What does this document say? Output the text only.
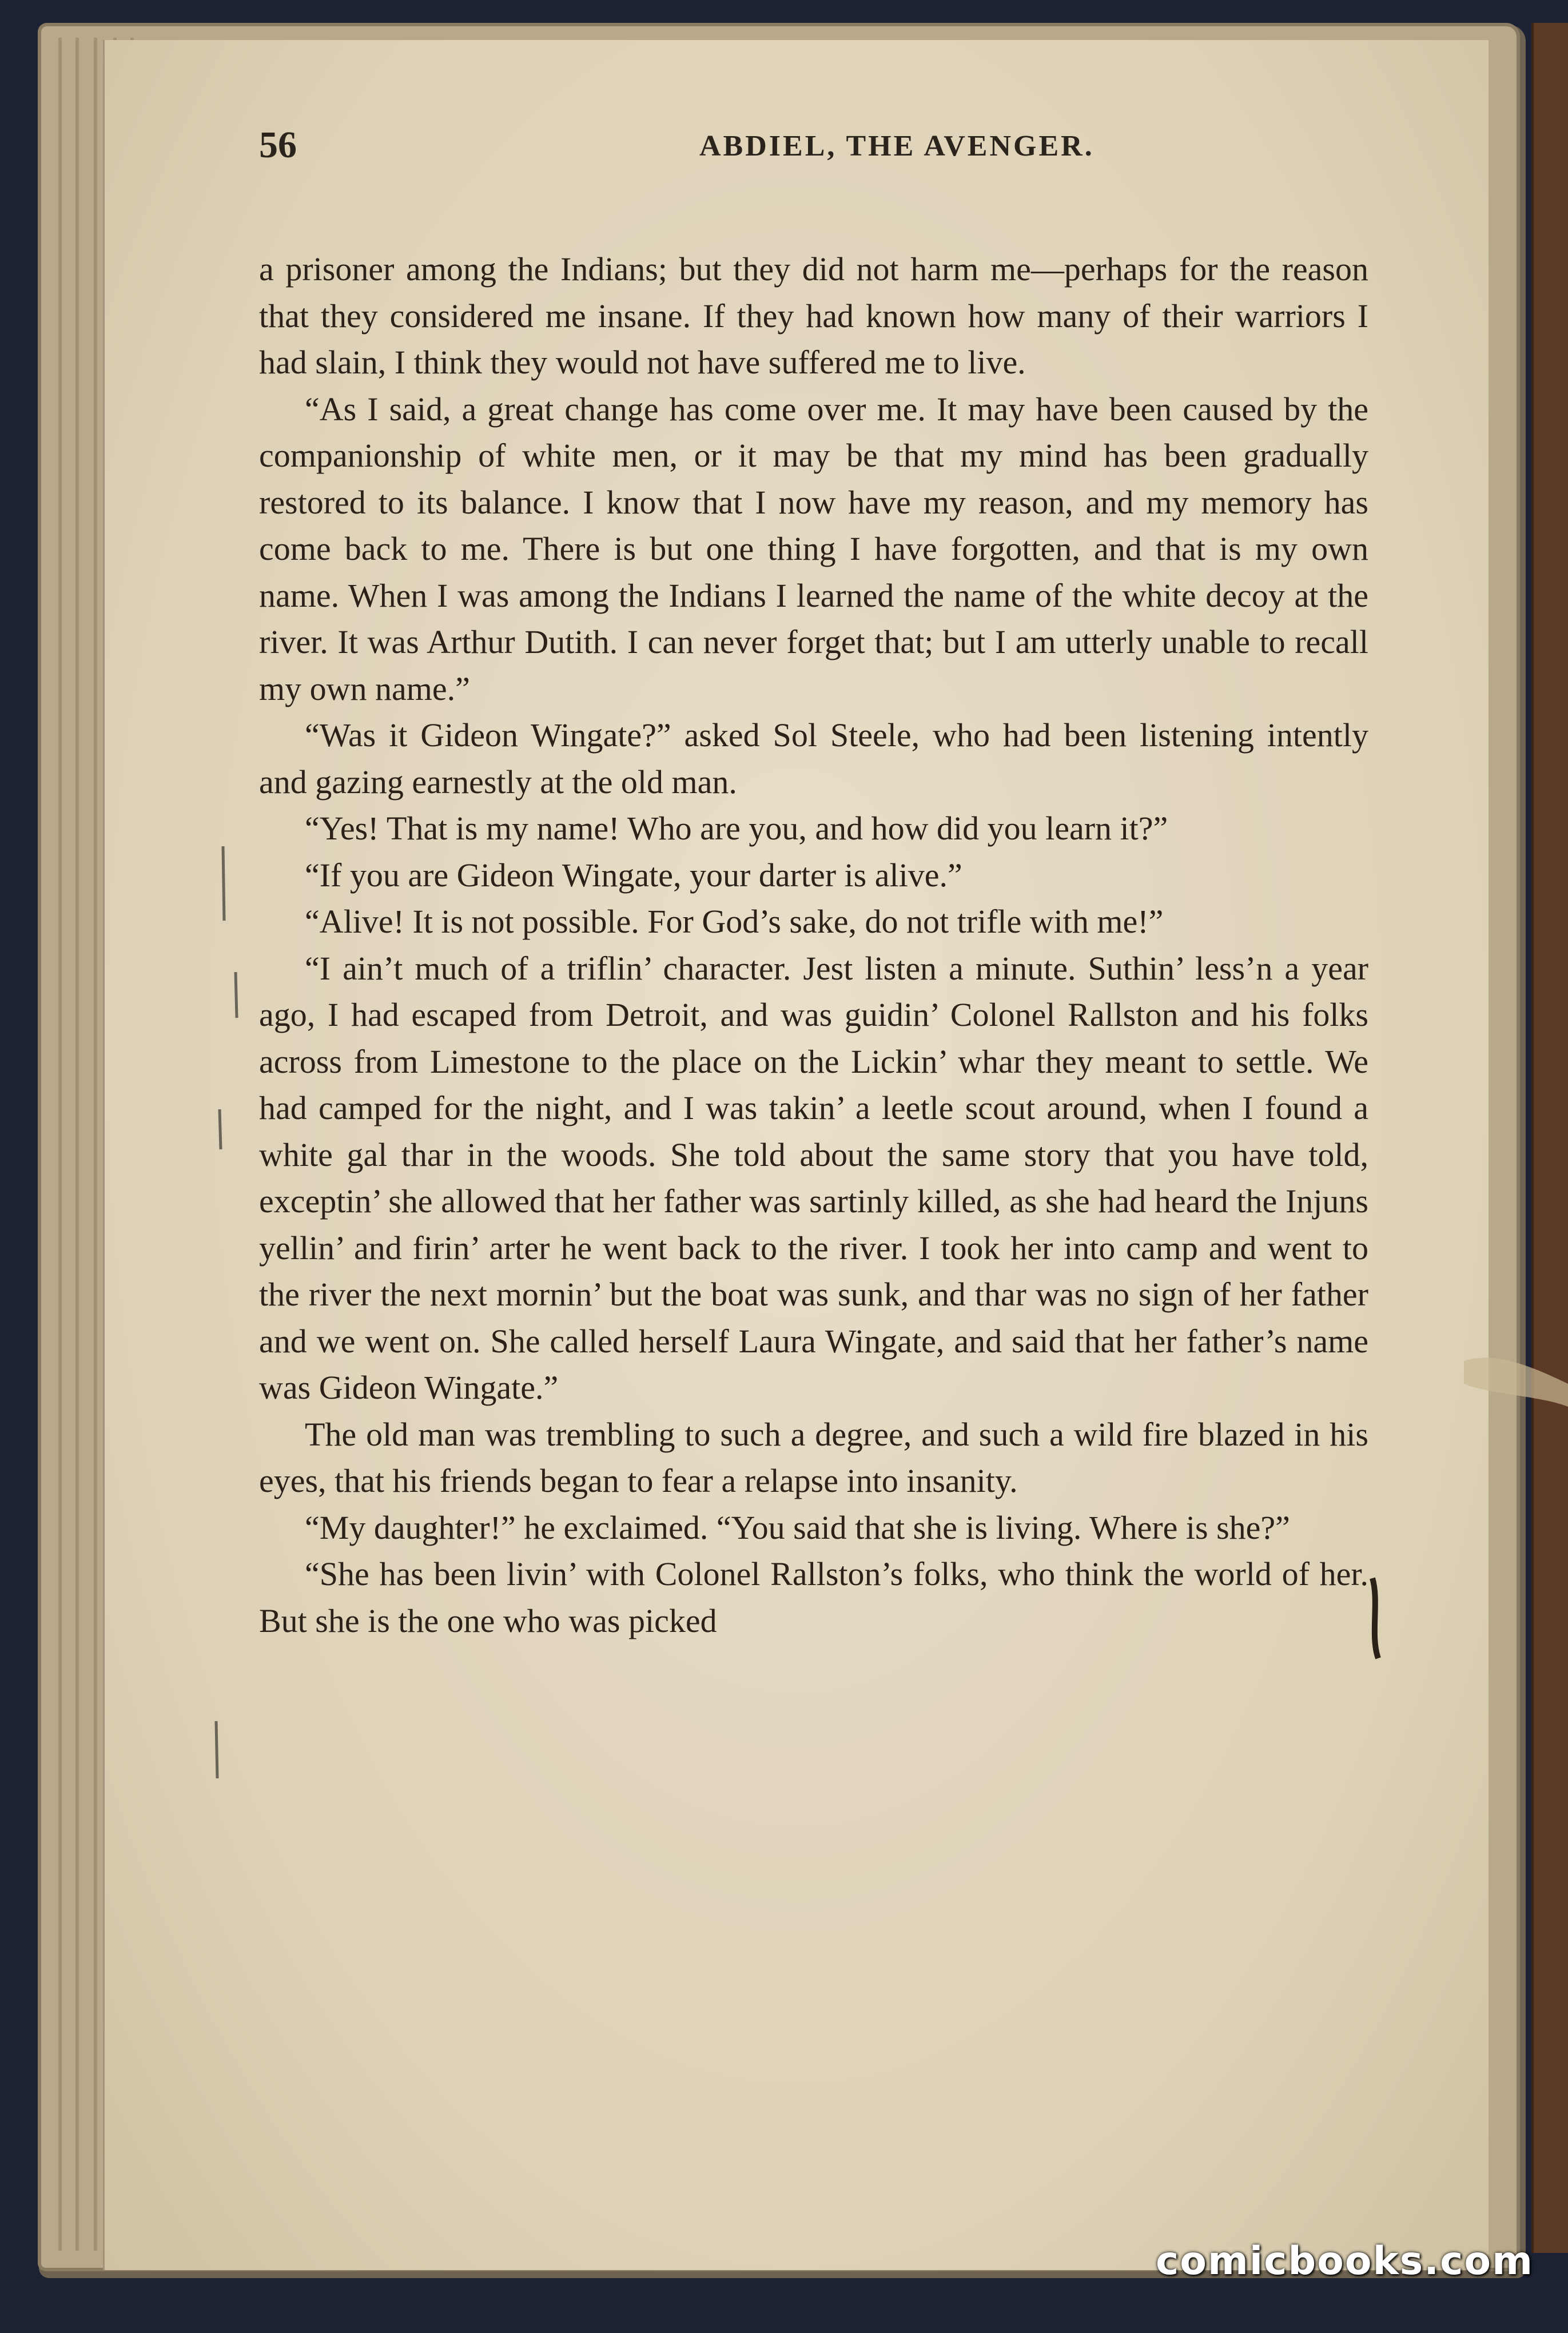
56	ABDIEL, THE AVENGER.

a prisoner among the Indians; but they did not harm me—perhaps for the reason that they considered me insane. If they had known how many of their warriors I had slain, I think they would not have suffered me to live.

“As I said, a great change has come over me. It may have been caused by the companionship of white men, or it may be that my mind has been gradually restored to its balance. I know that I now have my reason, and my memory has come back to me. There is but one thing I have forgotten, and that is my own name. When I was among the Indians I learned the name of the white decoy at the river. It was Arthur Dutith. I can never forget that; but I am utterly unable to recall my own name.”

“Was it Gideon Wingate?” asked Sol Steele, who had been listening intently and gazing earnestly at the old man.

“Yes! That is my name! Who are you, and how did you learn it?”

“If you are Gideon Wingate, your darter is alive.”

“Alive! It is not possible. For God’s sake, do not trifle with me!”

“I ain’t much of a triflin’ character. Jest listen a minute. Suthin’ less’n a year ago, I had escaped from Detroit, and was guidin’ Colonel Rallston and his folks across from Limestone to the place on the Lickin’ whar they meant to settle. We had camped for the night, and I was takin’ a leetle scout around, when I found a white gal thar in the woods. She told about the same story that you have told, exceptin’ she allowed that her father was sartinly killed, as she had heard the Injuns yellin’ and firin’ arter he went back to the river. I took her into camp and went to the river the next mornin’ but the boat was sunk, and thar was no sign of her father and we went on. She called herself Laura Wingate, and said that her father’s name was Gideon Wingate.”

The old man was trembling to such a degree, and such a wild fire blazed in his eyes, that his friends began to fear a relapse into insanity.

“My daughter!” he exclaimed. “You said that she is living. Where is she?”

“She has been livin’ with Colonel Rallston’s folks, who think the world of her. But she is the one who was picked

comicbooks.com
